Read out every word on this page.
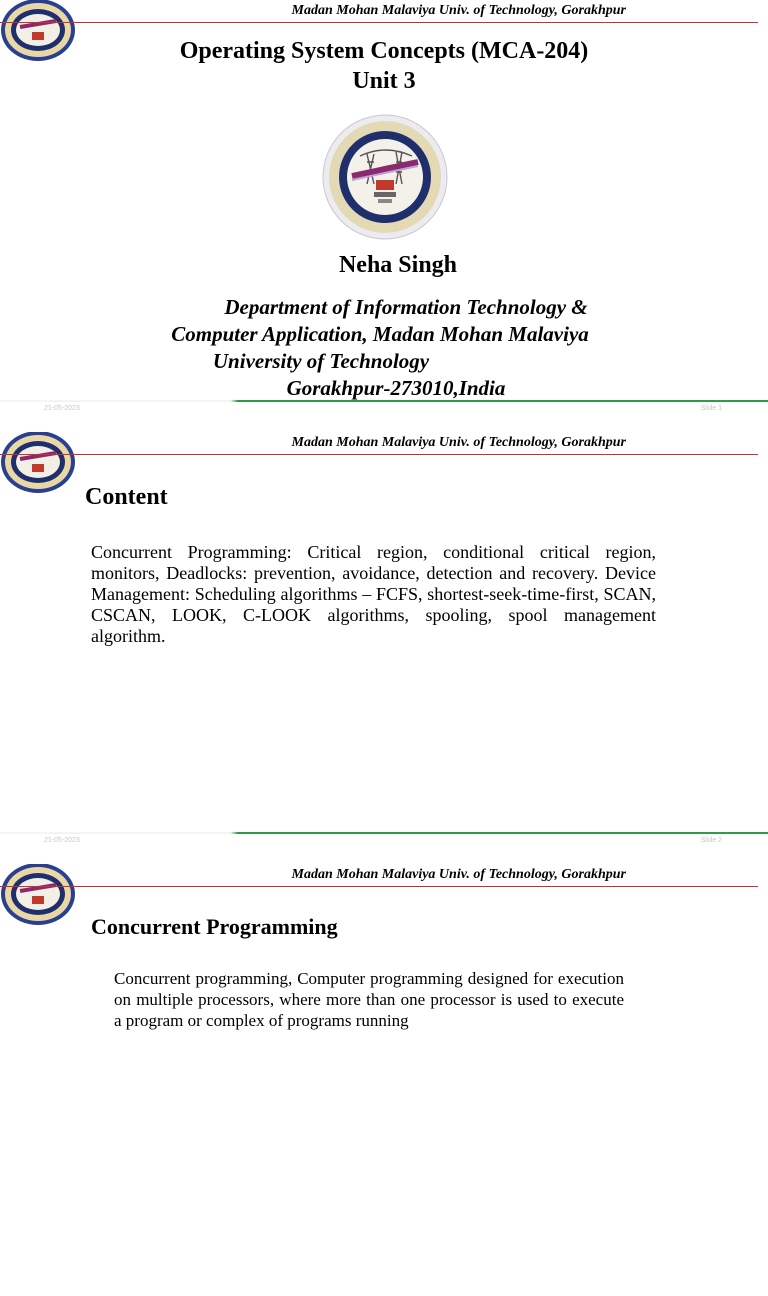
Madan Mohan Malaviya Univ. of Technology, Gorakhpur
Operating System Concepts (MCA-204)
Unit 3
Neha Singh
Department of Information Technology &
Computer Application, Madan Mohan Malaviya
University of Technology
Gorakhpur-273010,India
21-05-2023	Slide 1
Madan Mohan Malaviya Univ. of Technology, Gorakhpur
Content
Concurrent Programming: Critical region, conditional critical region, monitors, Deadlocks: prevention, avoidance, detection and recovery. Device Management: Scheduling algorithms – FCFS, shortest-seek-time-first, SCAN, CSCAN, LOOK, C-LOOK algorithms, spooling, spool management algorithm.
21-05-2023	Slide 2
Madan Mohan Malaviya Univ. of Technology, Gorakhpur
Concurrent Programming
Concurrent programming, Computer programming designed for execution on multiple processors, where more than one processor is used to execute a program or complex of programs running
